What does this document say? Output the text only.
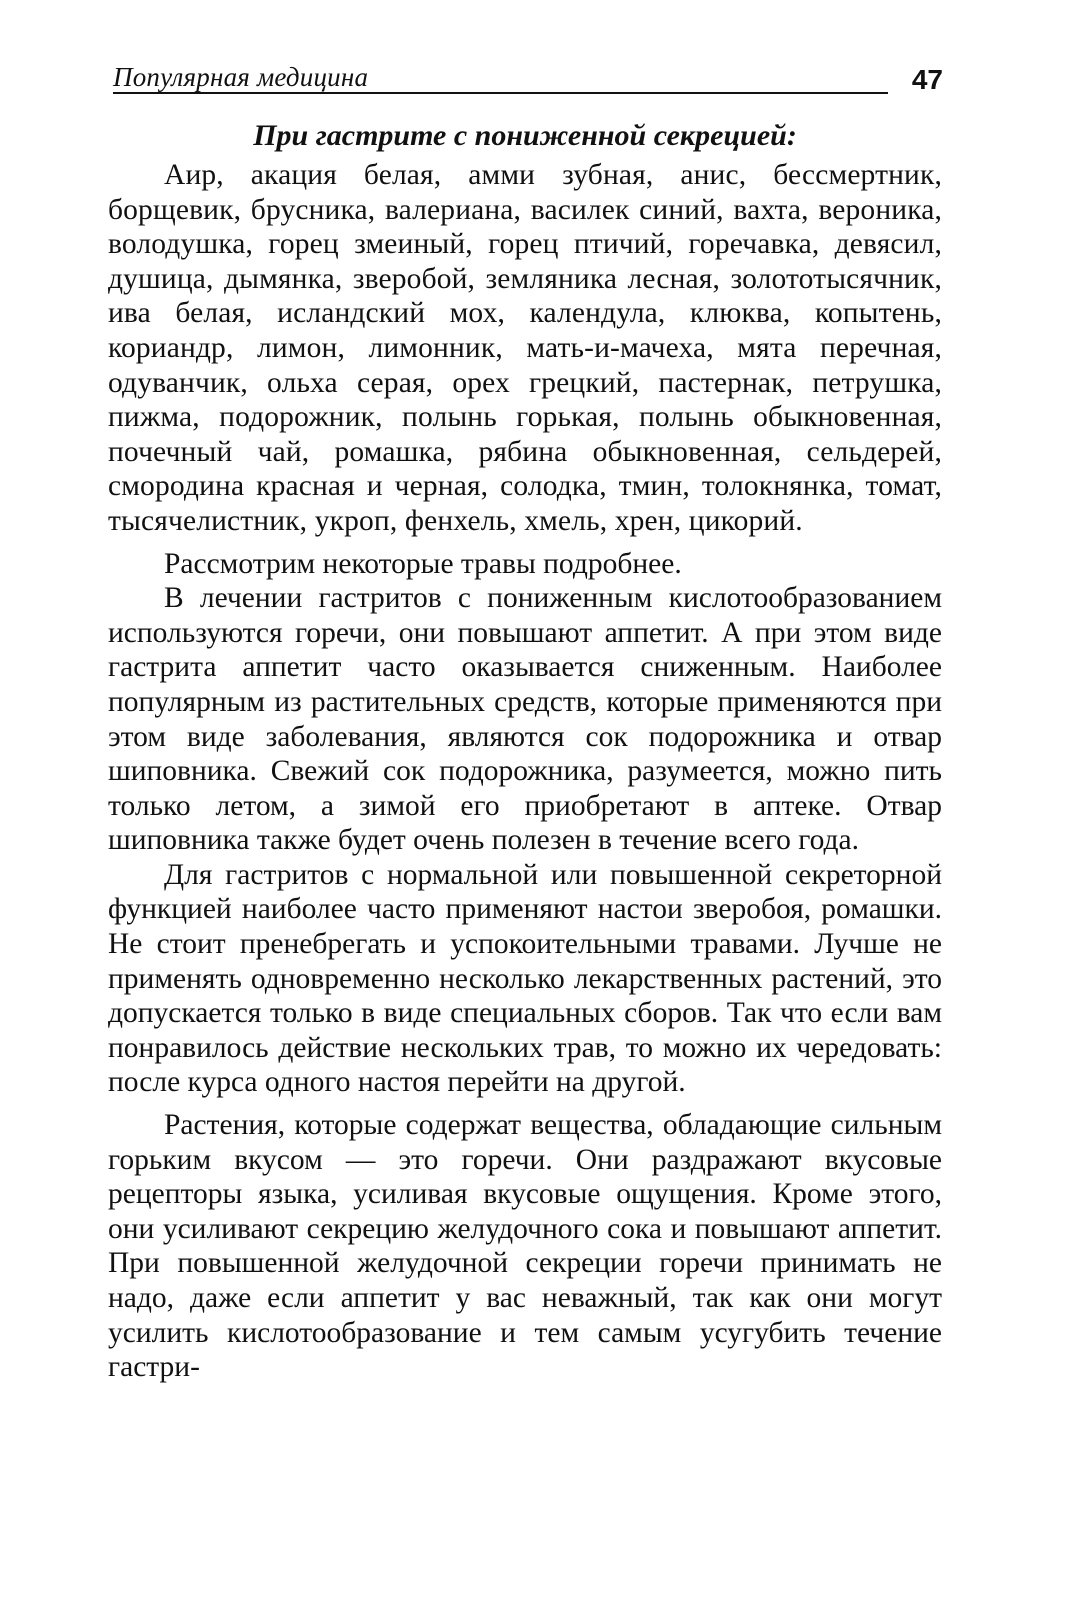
Популярная медицина	47
При гастрите с пониженной секрецией:

Аир, акация белая, амми зубная, анис, бессмертник, борщевик, брусника, валериана, василек синий, вахта, вероника, володушка, горец змеиный, горец птичий, горечавка, девясил, душица, дымянка, зверобой, земляника лесная, золототысячник, ива белая, исландский мох, календула, клюква, копытень, кориандр, лимон, лимонник, мать-и-мачеха, мята перечная, одуванчик, ольха серая, орех грецкий, пастернак, петрушка, пижма, подорожник, полынь горькая, полынь обыкновенная, почечный чай, ромашка, рябина обыкновенная, сельдерей, смородина красная и черная, солодка, тмин, толокнянка, томат, тысячелистник, укроп, фенхель, хмель, хрен, цикорий.

Рассмотрим некоторые травы подробнее.

В лечении гастритов с пониженным кислотообразованием используются горечи, они повышают аппетит. А при этом виде гастрита аппетит часто оказывается сниженным. Наиболее популярным из растительных средств, которые применяются при этом виде заболевания, являются сок подорожника и отвар шиповника. Свежий сок подорожника, разумеется, можно пить только летом, а зимой его приобретают в аптеке. Отвар шиповника также будет очень полезен в течение всего года.

Для гастритов с нормальной или повышенной секреторной функцией наиболее часто применяют настои зверобоя, ромашки. Не стоит пренебрегать и успокоительными травами. Лучше не применять одновременно несколько лекарственных растений, это допускается только в виде специальных сборов. Так что если вам понравилось действие нескольких трав, то можно их чередовать: после курса одного настоя перейти на другой.

Растения, которые содержат вещества, обладающие сильным горьким вкусом — это горечи. Они раздражают вкусовые рецепторы языка, усиливая вкусовые ощущения. Кроме этого, они усиливают секрецию желудочного сока и повышают аппетит. При повышенной желудочной секреции горечи принимать не надо, даже если аппетит у вас неважный, так как они могут усилить кислотообразование и тем самым усугубить течение гастри-
